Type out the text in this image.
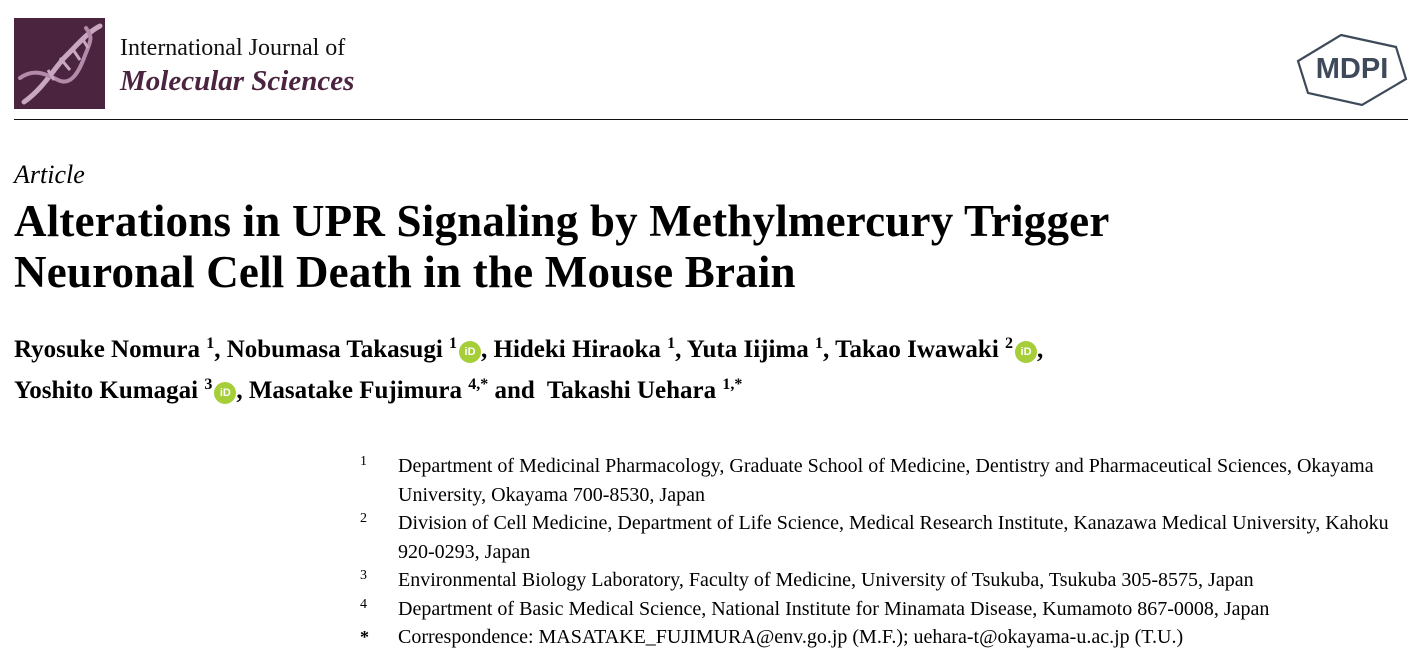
International Journal of
Molecular Sciences	MDPI
Article
Alterations in UPR Signaling by Methylmercury Trigger
Neuronal Cell Death in the Mouse Brain
Ryosuke Nomura $^1$, Nobumasa Takasugi $^1$ iD , Hideki Hiraoka $^1$, Yuta Iijima $^1$, Takao Iwawaki $^2$ iD ,
Yoshito Kumagai $^3$ iD , Masatake Fujimura $^{4,*}$ and  Takashi Uehara $^{1,*}$
1	Department of Medicinal Pharmacology, Graduate School of Medicine, Dentistry and Pharmaceutical Sciences, Okayama University, Okayama 700-8530, Japan
2	Division of Cell Medicine, Department of Life Science, Medical Research Institute, Kanazawa Medical University, Kahoku 920-0293, Japan
3	Environmental Biology Laboratory, Faculty of Medicine, University of Tsukuba, Tsukuba 305-8575, Japan
4	Department of Basic Medical Science, National Institute for Minamata Disease, Kumamoto 867-0008, Japan
*	Correspondence: MASATAKE_FUJIMURA@env.go.jp (M.F.); uehara-t@okayama-u.ac.jp (T.U.)
